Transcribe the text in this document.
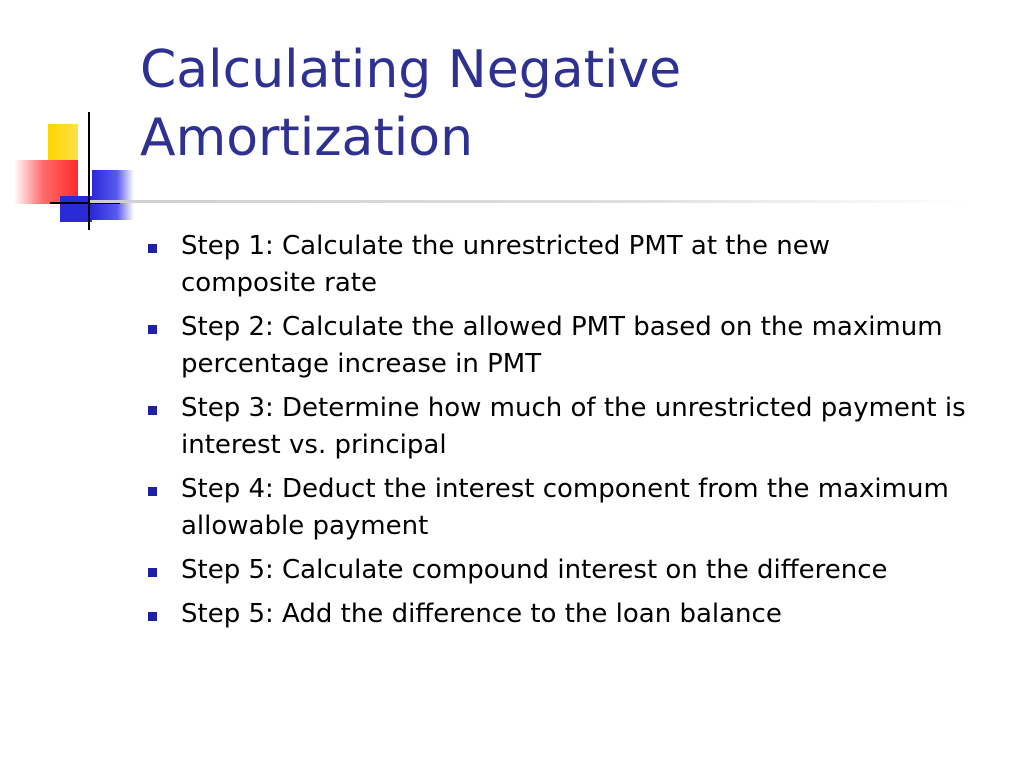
Calculating Negative Amortization
Step 1: Calculate the unrestricted PMT at the new composite rate
Step 2: Calculate the allowed PMT based on the maximum percentage increase in PMT
Step 3: Determine how much of the unrestricted payment is interest vs. principal
Step 4: Deduct the interest component from the maximum allowable payment
Step 5: Calculate compound interest on the difference
Step 5: Add the difference to the loan balance
